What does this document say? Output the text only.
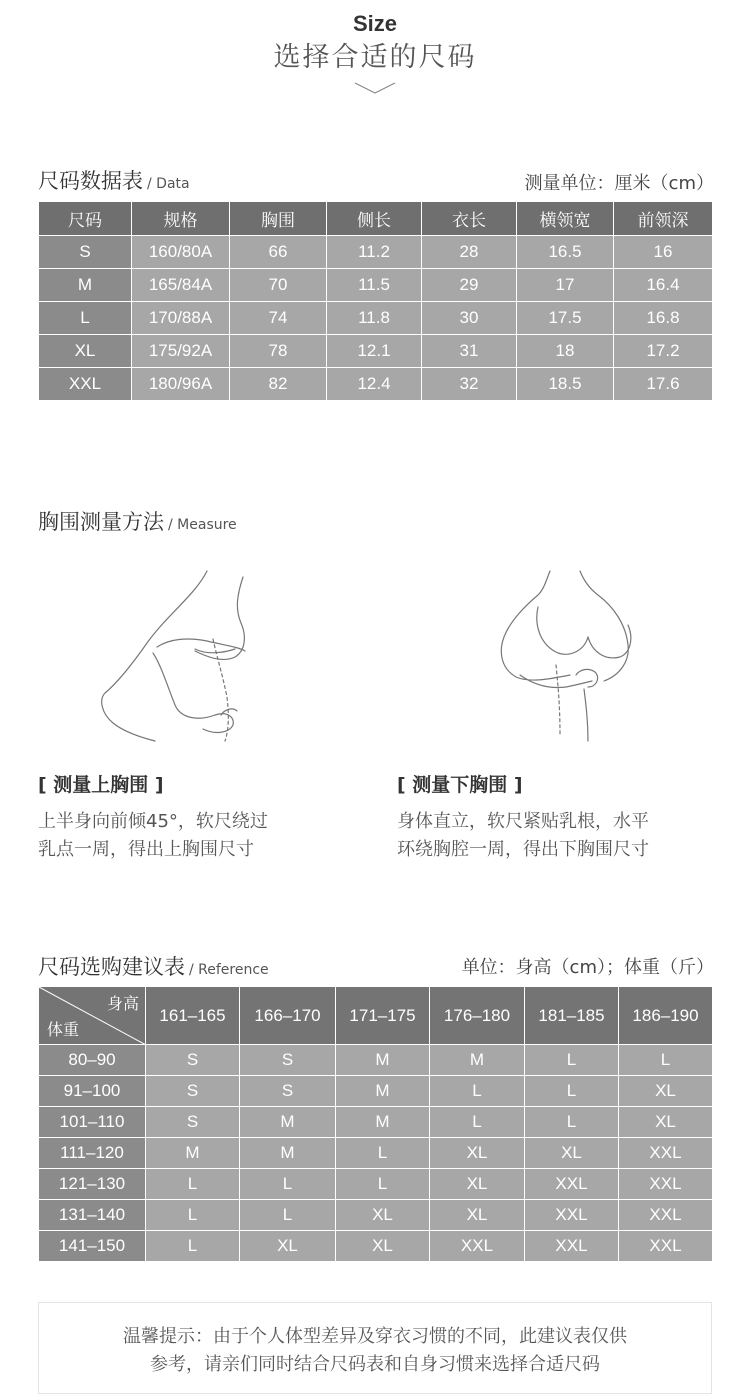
Size
选择合适的尺码
尺码数据表 / Data	测量单位：厘米（cm）
尺码	规格	胸围	侧长	衣长	横领宽	前领深
S	160/80A	66	11.2	28	16.5	16
M	165/84A	70	11.5	29	17	16.4
L	170/88A	74	11.8	30	17.5	16.8
XL	175/92A	78	12.1	31	18	17.2
XXL	180/96A	82	12.4	32	18.5	17.6
胸围测量方法 / Measure
[ 测量上胸围 ]
上半身向前倾45°，软尺绕过
乳点一周，得出上胸围尺寸
[ 测量下胸围 ]
身体直立，软尺紧贴乳根，水平
环绕胸腔一周，得出下胸围尺寸
尺码选购建议表 / Reference	单位：身高（cm）；体重（斤）
身高
体重	161–165	166–170	171–175	176–180	181–185	186–190
80–90	S	S	M	M	L	L
91–100	S	S	M	L	L	XL
101–110	S	M	M	L	L	XL
111–120	M	M	L	XL	XL	XXL
121–130	L	L	L	XL	XXL	XXL
131–140	L	L	XL	XL	XXL	XXL
141–150	L	XL	XL	XXL	XXL	XXL
温馨提示：由于个人体型差异及穿衣习惯的不同，此建议表仅供
参考，请亲们同时结合尺码表和自身习惯来选择合适尺码
